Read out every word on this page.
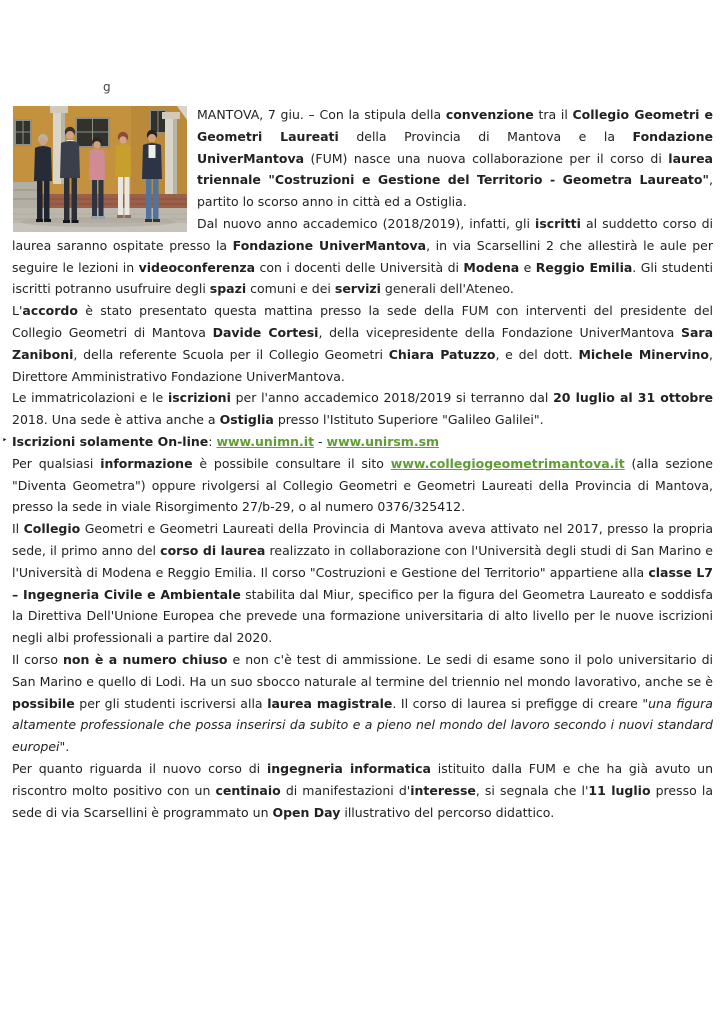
g

MANTOVA, 7 giu. – Con la stipula della convenzione tra il Collegio Geometri e Geometri Laureati della Provincia di Mantova e la Fondazione UniverMantova (FUM) nasce una nuova collaborazione per il corso di laurea triennale "Costruzioni e Gestione del Territorio - Geometra Laureato", partito lo scorso anno in città ed a Ostiglia.

Dal nuovo anno accademico (2018/2019), infatti, gli iscritti al suddetto corso di laurea saranno ospitate presso la Fondazione UniverMantova, in via Scarsellini 2 che allestirà le aule per seguire le lezioni in videoconferenza con i docenti delle Università di Modena e Reggio Emilia. Gli studenti iscritti potranno usufruire degli spazi comuni e dei servizi generali dell'Ateneo.

L'accordo è stato presentato questa mattina presso la sede della FUM con interventi del presidente del Collegio Geometri di Mantova Davide Cortesi, della vicepresidente della Fondazione UniverMantova Sara Zaniboni, della referente Scuola per il Collegio Geometri Chiara Patuzzo, e del dott. Michele Minervino, Direttore Amministrativo Fondazione UniverMantova.

Le immatricolazioni e le iscrizioni per l'anno accademico 2018/2019 si terranno dal 20 luglio al 31 ottobre 2018. Una sede è attiva anche a Ostiglia presso l'Istituto Superiore "Galileo Galilei".

‣ Iscrizioni solamente On-line: www.unimn.it - www.unirsm.sm

Per qualsiasi informazione è possibile consultare il sito www.collegiogeometrimantova.it (alla sezione "Diventa Geometra") oppure rivolgersi al Collegio Geometri e Geometri Laureati della Provincia di Mantova, presso la sede in viale Risorgimento 27/b-29, o al numero 0376/325412.

Il Collegio Geometri e Geometri Laureati della Provincia di Mantova aveva attivato nel 2017, presso la propria sede, il primo anno del corso di laurea realizzato in collaborazione con l'Università degli studi di San Marino e l'Università di Modena e Reggio Emilia. Il corso "Costruzioni e Gestione del Territorio" appartiene alla classe L7 – Ingegneria Civile e Ambientale stabilita dal Miur, specifico per la figura del Geometra Laureato e soddisfa la Direttiva Dell'Unione Europea che prevede una formazione universitaria di alto livello per le nuove iscrizioni negli albi professionali a partire dal 2020.

Il corso non è a numero chiuso e non c'è test di ammissione. Le sedi di esame sono il polo universitario di San Marino e quello di Lodi. Ha un suo sbocco naturale al termine del triennio nel mondo lavorativo, anche se è possibile per gli studenti iscriversi alla laurea magistrale. Il corso di laurea si prefigge di creare "una figura altamente professionale che possa inserirsi da subito e a pieno nel mondo del lavoro secondo i nuovi standard europei".

Per quanto riguarda il nuovo corso di ingegneria informatica istituito dalla FUM e che ha già avuto un riscontro molto positivo con un centinaio di manifestazioni d'interesse, si segnala che l'11 luglio presso la sede di via Scarsellini è programmato un Open Day illustrativo del percorso didattico.
